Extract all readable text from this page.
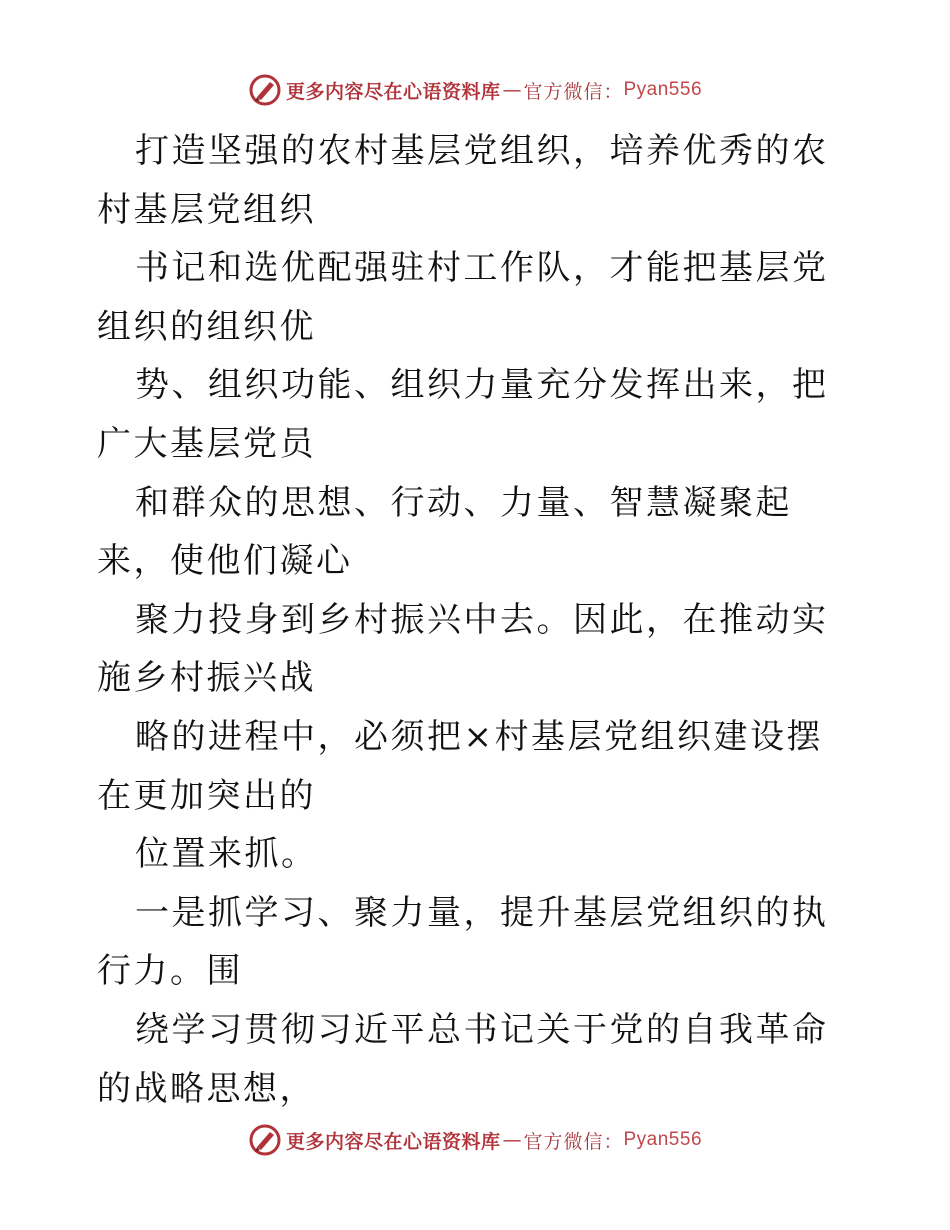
更多内容尽在心语资料库 — 官方微信： Pyan556

打造坚强的农村基层党组织，培养优秀的农村基层党组织

书记和选优配强驻村工作队，才能把基层党组织的组织优

势、组织功能、组织力量充分发挥出来，把广大基层党员

和群众的思想、行动、力量、智慧凝聚起来，使他们凝心

聚力投身到乡村振兴中去。因此，在推动实施乡村振兴战

略的进程中，必须把×村基层党组织建设摆在更加突出的

位置来抓。

一是抓学习、聚力量，提升基层党组织的执行力。围

绕学习贯彻习近平总书记关于党的自我革命的战略思想，

更多内容尽在心语资料库 — 官方微信： Pyan556
